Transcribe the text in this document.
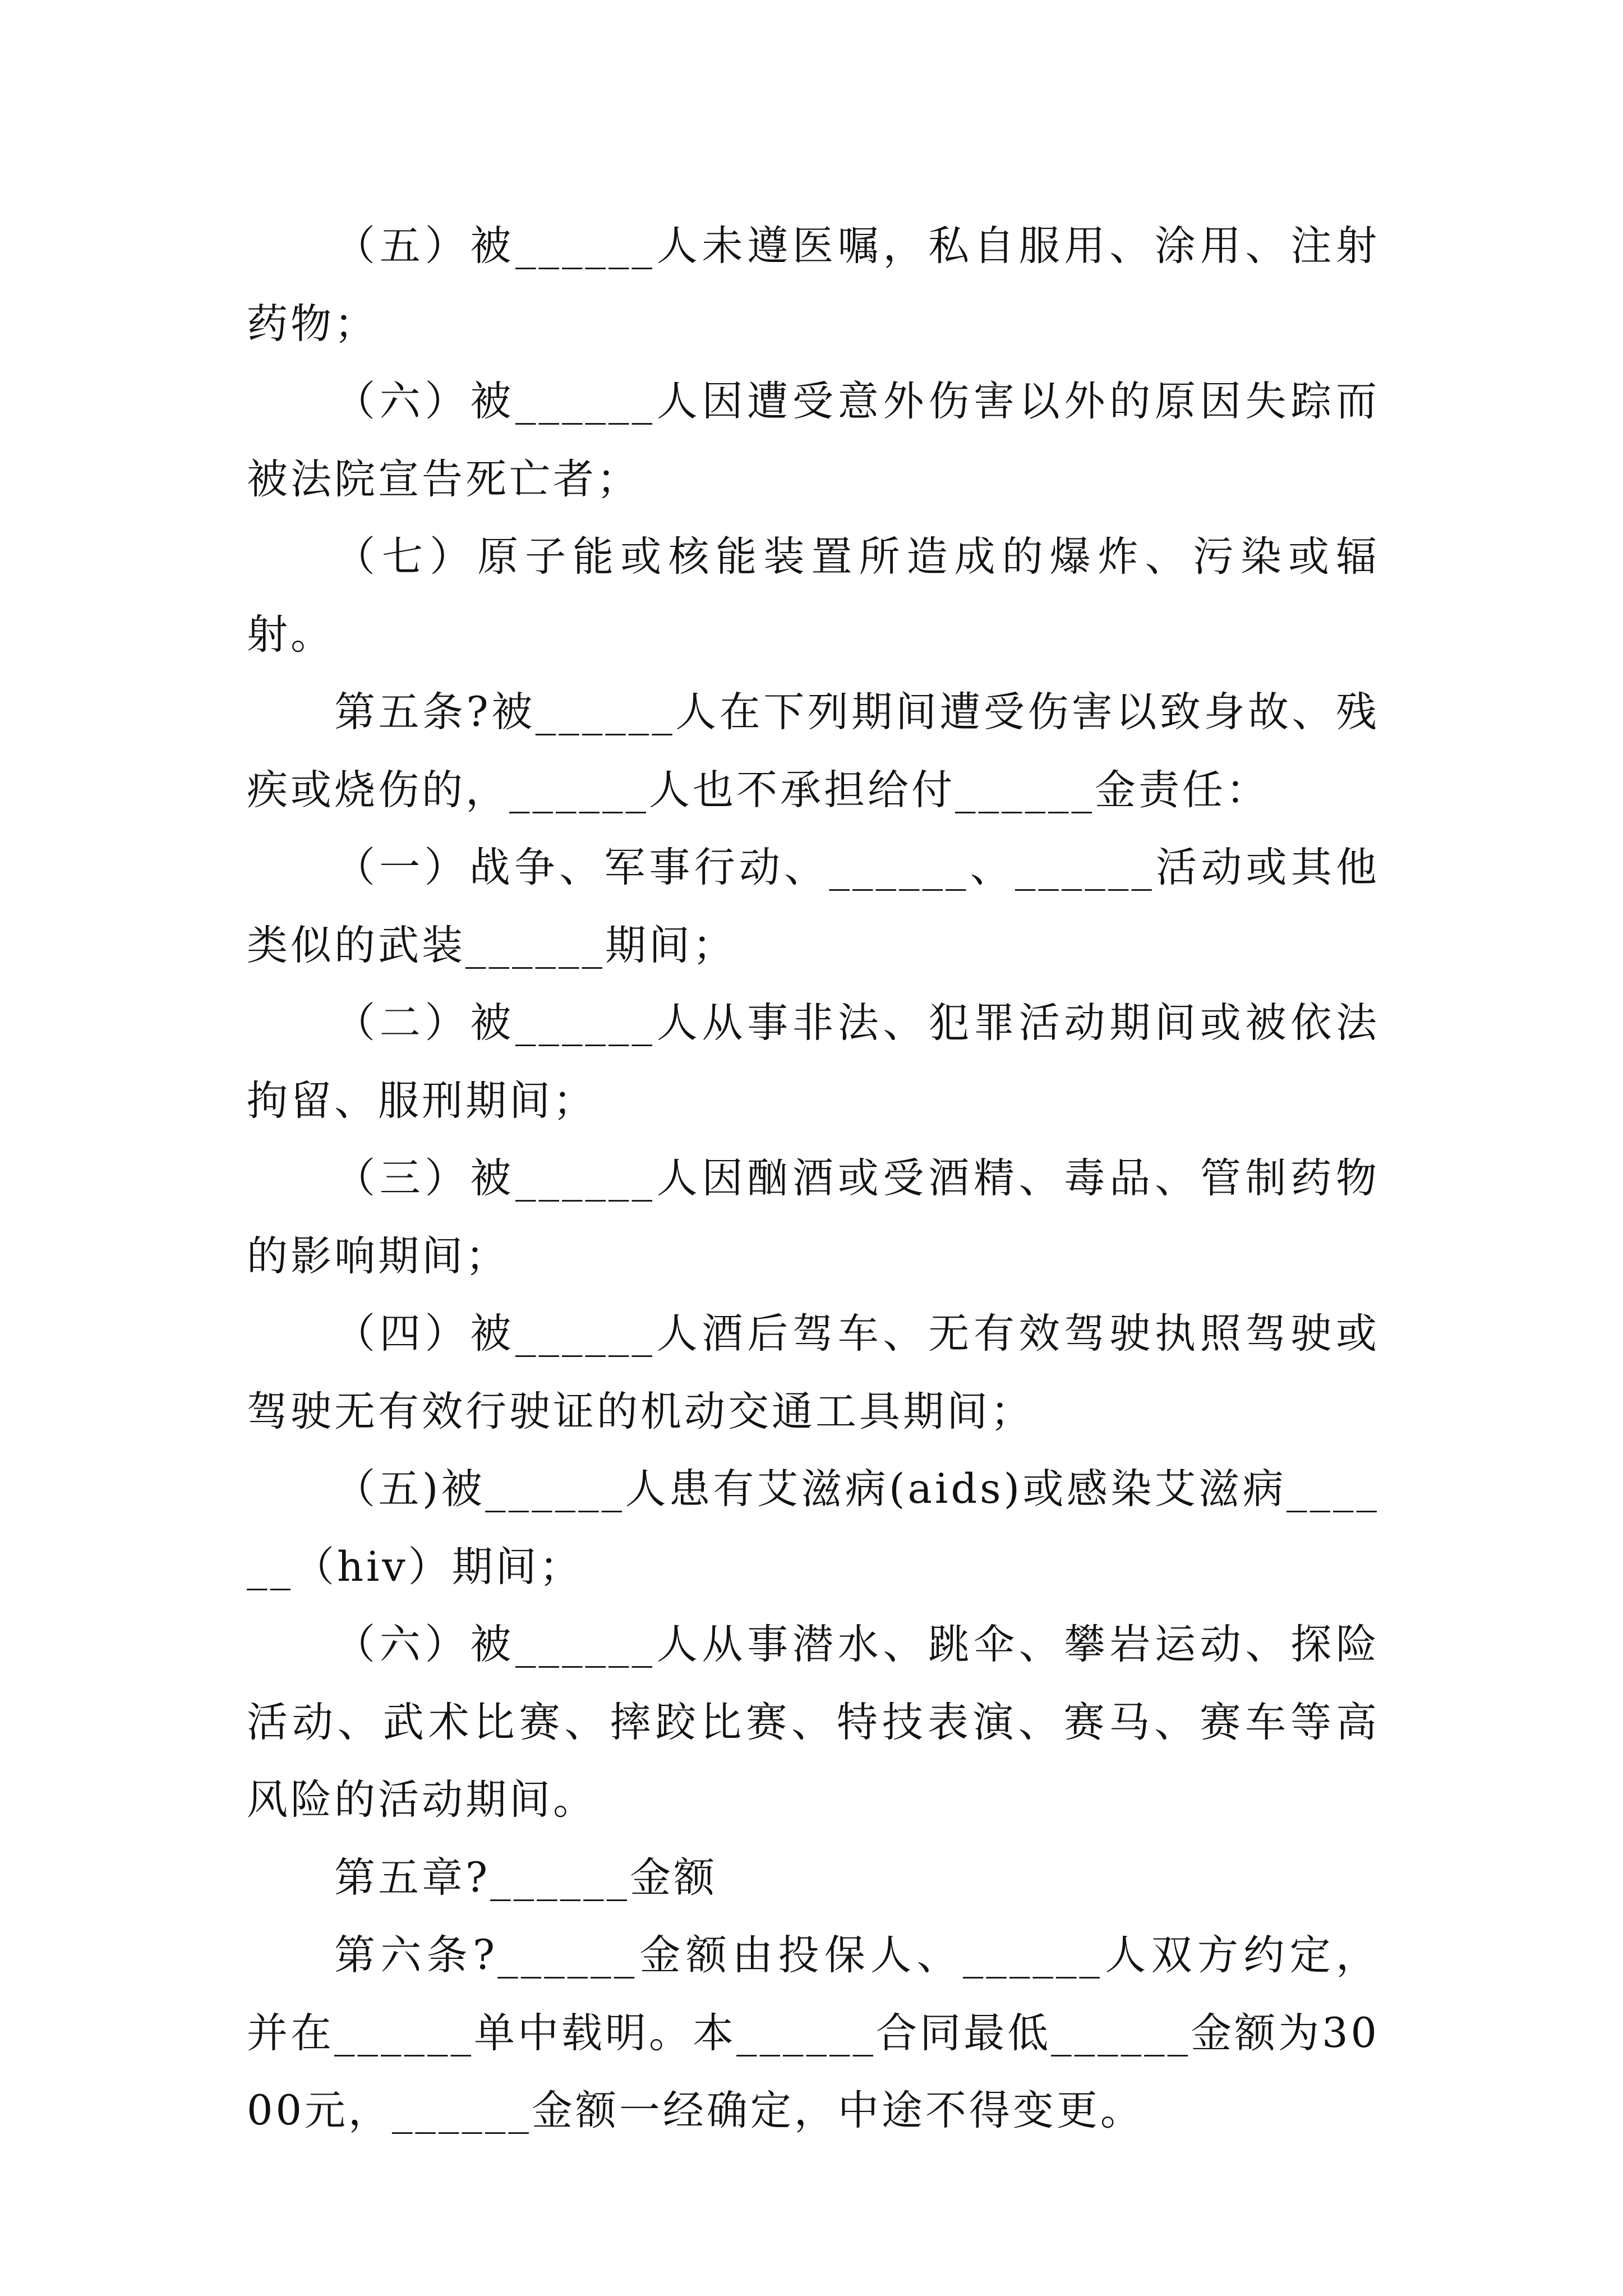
（五）被______人未遵医嘱，私自服用、涂用、注射药物；

（六）被______人因遭受意外伤害以外的原因失踪而被法院宣告死亡者；

（七）原子能或核能装置所造成的爆炸、污染或辐射。

第五条?被______人在下列期间遭受伤害以致身故、残疾或烧伤的，______人也不承担给付______金责任：

（一）战争、军事行动、______、______活动或其他类似的武装______期间；

（二）被______人从事非法、犯罪活动期间或被依法拘留、服刑期间；

（三）被______人因酗酒或受酒精、毒品、管制药物的影响期间；

（四）被______人酒后驾车、无有效驾驶执照驾驶或驾驶无有效行驶证的机动交通工具期间；

（五)被______人患有艾滋病(aids)或感染艾滋病______（hiv）期间；

（六）被______人从事潜水、跳伞、攀岩运动、探险活动、武术比赛、摔跤比赛、特技表演、赛马、赛车等高风险的活动期间。

第五章?______金额

第六条?______金额由投保人、______人双方约定，并在______单中载明。本______合同最低______金额为3000元，______金额一经确定，中途不得变更。
